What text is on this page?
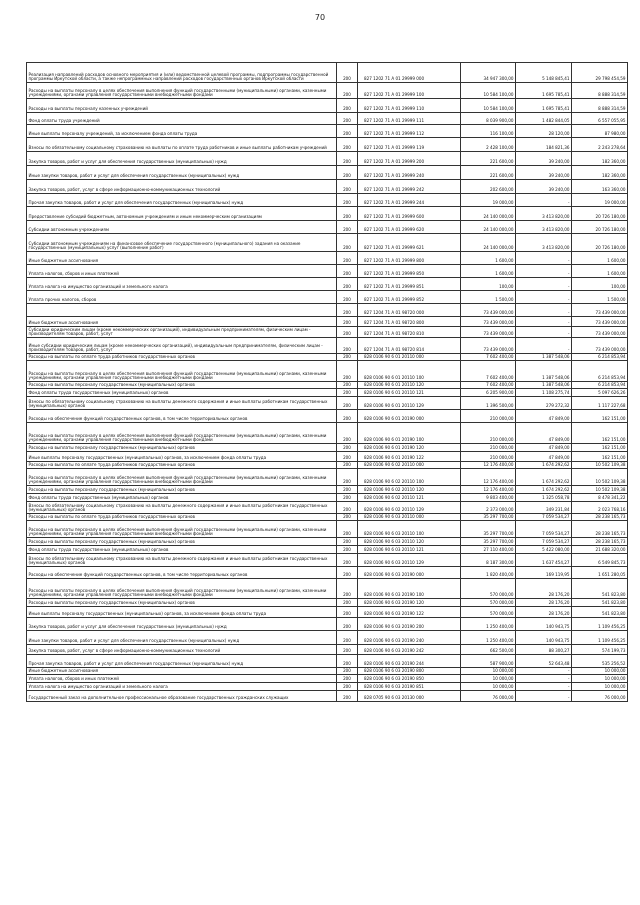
70
Реализация направлений расходов основного мероприятия и (или) ведомственной целевой программы, подпрограммы государственной программы Иркутской области, а также непрограммных направлений расходов государственных органов Иркутской области	200	827 1202 71 А 01 29999 000	34 947 300,00	5 148 845,41	29 798 454,59
Расходы на выплаты персоналу в целях обеспечения выполнения функций государственными (муниципальными) органами, казенными учреждениями, органами управления государственными внебюджетными фондами	200	827 1202 71 А 01 29999 100	10 584 100,00	1 695 785,41	8 888 314,59
Расходы на выплаты персоналу казенных учреждений	200	827 1202 71 А 01 29999 110	10 584 100,00	1 695 785,41	8 888 314,59
Фонд оплаты труда учреждений	200	827 1202 71 А 01 29999 111	8 039 900,00	1 482 844,05	6 557 055,95
Иные выплаты персоналу учреждений, за исключением фонда оплаты труда	200	827 1202 71 А 01 29999 112	116 100,00	28 120,00	87 980,00
Взносы по обязательному социальному страхованию на выплаты по оплате труда работников и иные выплаты работникам учреждений	200	827 1202 71 А 01 29999 119	2 428 100,00	184 821,36	2 243 278,64
Закупка товаров, работ и услуг для обеспечения государственных (муниципальных) нужд	200	827 1202 71 А 01 29999 200	221 600,00	39 240,00	182 360,00
Иные закупки товаров, работ и услуг для обеспечения государственных (муниципальных) нужд	200	827 1202 71 А 01 29999 240	221 600,00	39 240,00	182 360,00
Закупка товаров, работ, услуг в сфере информационно-коммуникационных технологий	200	827 1202 71 А 01 29999 242	202 600,00	39 240,00	163 360,00
Прочая закупка товаров, работ и услуг для обеспечения государственных (муниципальных) нужд	200	827 1202 71 А 01 29999 244	19 000,00	-	19 000,00
Предоставление субсидий бюджетным, автономным учреждениям и иным некоммерческим организациям	200	827 1202 71 А 01 29999 600	24 140 000,00	3 413 820,00	20 726 180,00
Субсидии автономным учреждениям	200	827 1202 71 А 01 29999 620	24 140 000,00	3 413 820,00	20 726 180,00
Субсидии автономным учреждениям на финансовое обеспечение государственного (муниципального) задания на оказание государственных (муниципальных) услуг (выполнение работ)	200	827 1202 71 А 01 29999 621	24 140 000,00	3 413 820,00	20 726 180,00
Иные бюджетные ассигнования	200	827 1202 71 А 01 29999 800	1 600,00	-	1 600,00
Уплата налогов, сборов и иных платежей	200	827 1202 71 А 01 29999 850	1 600,00	-	1 600,00
Уплата налога на имущество организаций и земельного налога	200	827 1202 71 А 01 29999 851	100,00	-	100,00
Уплата прочих налогов, сборов	200	827 1202 71 А 01 29999 852	1 500,00	-	1 500,00
	200	827 1204 71 А 01 98720 000	73 439 000,00	-	73 439 000,00
Иные бюджетные ассигнования	200	827 1204 71 А 01 98720 800	73 439 000,00	-	73 439 000,00
Субсидии юридическим лицам (кроме некоммерческих организаций), индивидуальным предпринимателям, физическим лицам - производителям товаров, работ, услуг	200	827 1204 71 А 01 98720 810	73 439 000,00	-	73 439 000,00
Иные субсидии юридическим лицам (кроме некоммерческих организаций), индивидуальным предпринимателям, физическим лицам - производителям товаров, работ, услуг	200	827 1204 71 А 01 98720 814	73 439 000,00	-	73 439 000,00
Расходы на выплаты по оплате труда работников государственных органов	200	828 0106 90 6 01 20110 000	7 602 400,00	1 387 548,06	6 214 853,94
Расходы на выплаты персоналу в целях обеспечения выполнения функций государственными (муниципальными) органами, казенными учреждениями, органами управления государственными внебюджетными фондами	200	828 0106 90 6 01 20110 100	7 602 400,00	1 387 548,06	6 214 853,94
Расходы на выплаты персоналу государственных (муниципальных) органов	200	828 0106 90 6 01 20110 120	7 602 400,00	1 387 548,06	6 214 853,94
Фонд оплаты труда государственных (муниципальных) органов	200	828 0106 90 6 01 20110 121	6 205 900,00	1 108 275,74	5 097 626,26
Взносы по обязательному социальному страхованию на выплаты денежного содержания и иные выплаты работникам государственных (муниципальных) органов	200	828 0106 90 6 01 20110 129	1 396 500,00	279 272,32	1 117 227,68
Расходы на обеспечение функций государственных органов, в том числе территориальных органов	200	828 0106 90 6 01 20190 000	210 000,00	47 849,00	162 151,00
Расходы на выплаты персоналу в целях обеспечения выполнения функций государственными (муниципальными) органами, казенными учреждениями, органами управления государственными внебюджетными фондами	200	828 0106 90 6 01 20190 100	210 000,00	47 849,00	162 151,00
Расходы на выплаты персоналу государственных (муниципальных) органов	200	828 0106 90 6 01 20190 120	210 000,00	47 849,00	162 151,00
Иные выплаты персоналу государственных (муниципальных) органов, за исключением фонда оплаты труда	200	828 0106 90 6 01 20190 122	210 000,00	47 849,00	162 151,00
Расходы на выплаты по оплате труда работников государственных органов	200	828 0106 90 6 02 20110 000	12 176 400,00	1 674 292,62	10 502 109,38
Расходы на выплаты персоналу в целях обеспечения выполнения функций государственными (муниципальными) органами, казенными учреждениями, органами управления государственными внебюджетными фондами	200	828 0106 90 6 02 20110 100	12 176 400,00	1 674 292,62	10 502 109,38
Расходы на выплаты персоналу государственных (муниципальных) органов	200	828 0106 90 6 02 20110 120	12 176 400,00	1 674 292,62	10 502 109,38
Фонд оплаты труда государственных (муниципальных) органов	200	828 0106 90 6 02 20110 121	9 803 400,00	1 325 058,78	8 478 341,22
Взносы по обязательному социальному страхованию на выплаты денежного содержания и иные выплаты работникам государственных (муниципальных) органов	200	828 0106 90 6 02 20110 129	2 373 000,00	349 231,84	2 023 768,16
Расходы на выплаты по оплате труда работников государственных органов	200	828 0106 90 6 03 20110 000	35 297 700,00	7 059 534,27	28 238 165,73
Расходы на выплаты персоналу в целях обеспечения выполнения функций государственными (муниципальными) органами, казенными учреждениями, органами управления государственными внебюджетными фондами	200	828 0106 90 6 03 20110 100	35 297 700,00	7 059 534,27	28 238 165,73
Расходы на выплаты персоналу государственных (муниципальных) органов	200	828 0106 90 6 03 20110 120	35 297 700,00	7 059 534,27	28 238 165,73
Фонд оплаты труда государственных (муниципальных) органов	200	828 0106 90 6 03 20110 121	27 110 400,00	5 422 080,00	21 688 320,00
Взносы по обязательному социальному страхованию на выплаты денежного содержания и иные выплаты работникам государственных (муниципальных) органов	200	828 0106 90 6 03 20110 129	8 187 300,00	1 637 454,27	6 549 845,73
Расходы на обеспечение функций государственных органов, в том числе территориальных органов	200	828 0106 90 6 03 20190 000	1 820 400,00	169 119,95	1 651 280,05
Расходы на выплаты персоналу в целях обеспечения выполнения функций государственными (муниципальными) органами, казенными учреждениями, органами управления государственными внебюджетными фондами	200	828 0106 90 6 03 20190 100	570 000,00	28 176,20	541 823,80
Расходы на выплаты персоналу государственных (муниципальных) органов	200	828 0106 90 6 03 20190 120	570 000,00	28 176,20	541 823,80
Иные выплаты персоналу государственных (муниципальных) органов, за исключением фонда оплаты труда	200	828 0106 90 6 03 20190 122	570 000,00	28 176,20	541 823,80
Закупка товаров, работ и услуг для обеспечения государственных (муниципальных) нужд	200	828 0106 90 6 03 20190 200	1 250 400,00	140 943,75	1 109 456,25
Иные закупки товаров, работ и услуг для обеспечения государственных (муниципальных) нужд	200	828 0106 90 6 03 20190 240	1 250 400,00	140 943,75	1 109 456,25
Закупка товаров, работ, услуг в сфере информационно-коммуникационных технологий	200	828 0106 90 6 03 20190 242	662 500,00	88 300,27	574 199,73
Прочая закупка товаров, работ и услуг для обеспечения государственных (муниципальных) нужд	200	828 0106 90 6 03 20190 244	587 900,00	52 643,48	535 256,52
Иные бюджетные ассигнования	200	828 0106 90 6 03 20190 800	10 000,00	-	10 000,00
Уплата налогов, сборов и иных платежей	200	828 0106 90 6 03 20190 850	10 000,00	-	10 000,00
Уплата налога на имущество организаций и земельного налога	200	828 0106 90 6 03 20190 851	10 000,00	-	10 000,00
Государственный заказ на дополнительное профессиональное образование государственных гражданских служащих	200	828 0705 90 6 03 20130 000	76 000,00	-	76 000,00
